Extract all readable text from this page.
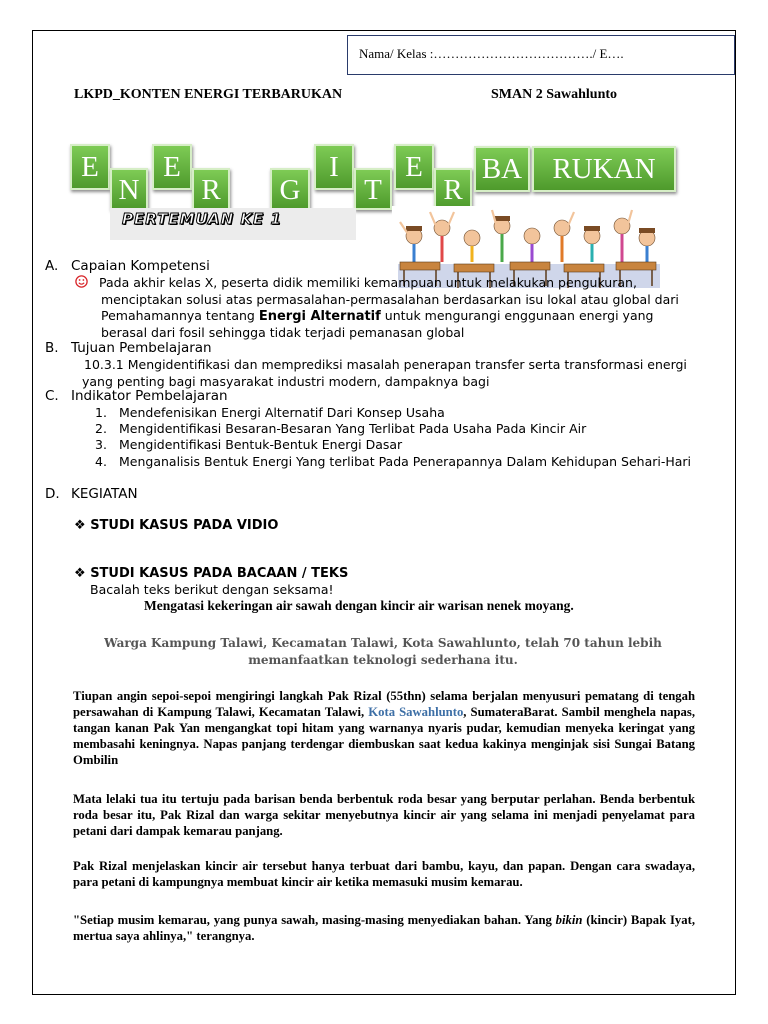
Nama/ Kelas :………………………………./ E….
LKPD_KONTEN ENERGI TERBARUKAN	SMAN 2 Sawahlunto
E
N
E
R	G
I
T
E
R
BA	RUKAN
PERTEMUAN KE 1
A. Capaian Kompetensi
Pada akhir kelas X, peserta didik memiliki kemampuan untuk melakukan pengukuran,
menciptakan solusi atas permasalahan-permasalahan berdasarkan isu lokal atau global dari
Pemahamannya tentang Energi Alternatif untuk mengurangi enggunaan energi yang
berasal dari fosil sehingga tidak terjadi pemanasan global
B. Tujuan Pembelajaran
10.3.1 Mengidentifikasi dan memprediksi masalah penerapan transfer serta transformasi energi
yang penting bagi masyarakat industri modern, dampaknya bagi
C. Indikator Pembelajaran
1. Mendefenisikan Energi Alternatif Dari Konsep Usaha
2. Mengidentifikasi Besaran-Besaran Yang Terlibat Pada Usaha Pada Kincir Air
3. Mengidentifikasi Bentuk-Bentuk Energi Dasar
4. Menganalisis Bentuk Energi Yang terlibat Pada Penerapannya Dalam Kehidupan Sehari-Hari
D. KEGIATAN
❖ STUDI KASUS PADA VIDIO
❖ STUDI KASUS PADA BACAAN / TEKS
Bacalah teks berikut dengan seksama!
Mengatasi kekeringan air sawah dengan kincir air warisan nenek moyang.
Warga Kampung Talawi, Kecamatan Talawi, Kota Sawahlunto, telah 70 tahun lebih memanfaatkan teknologi sederhana itu.
Tiupan angin sepoi-sepoi mengiringi langkah Pak Rizal (55thn) selama berjalan menyusuri pematang di tengah persawahan di Kampung Talawi, Kecamatan Talawi, Kota Sawahlunto, SumateraBarat. Sambil menghela napas, tangan kanan Pak Yan mengangkat topi hitam yang warnanya nyaris pudar, kemudian menyeka keringat yang membasahi keningnya. Napas panjang terdengar diembuskan saat kedua kakinya menginjak sisi Sungai Batang Ombilin
Mata lelaki tua itu tertuju pada barisan benda berbentuk roda besar yang berputar perlahan. Benda berbentuk roda besar itu, Pak Rizal dan warga sekitar menyebutnya kincir air yang selama ini menjadi penyelamat para petani dari dampak kemarau panjang.
Pak Rizal menjelaskan kincir air tersebut hanya terbuat dari bambu, kayu, dan papan. Dengan cara swadaya, para petani di kampungnya membuat kincir air ketika memasuki musim kemarau.
"Setiap musim kemarau, yang punya sawah, masing-masing menyediakan bahan. Yang bikin (kincir) Bapak Iyat, mertua saya ahlinya," terangnya.
